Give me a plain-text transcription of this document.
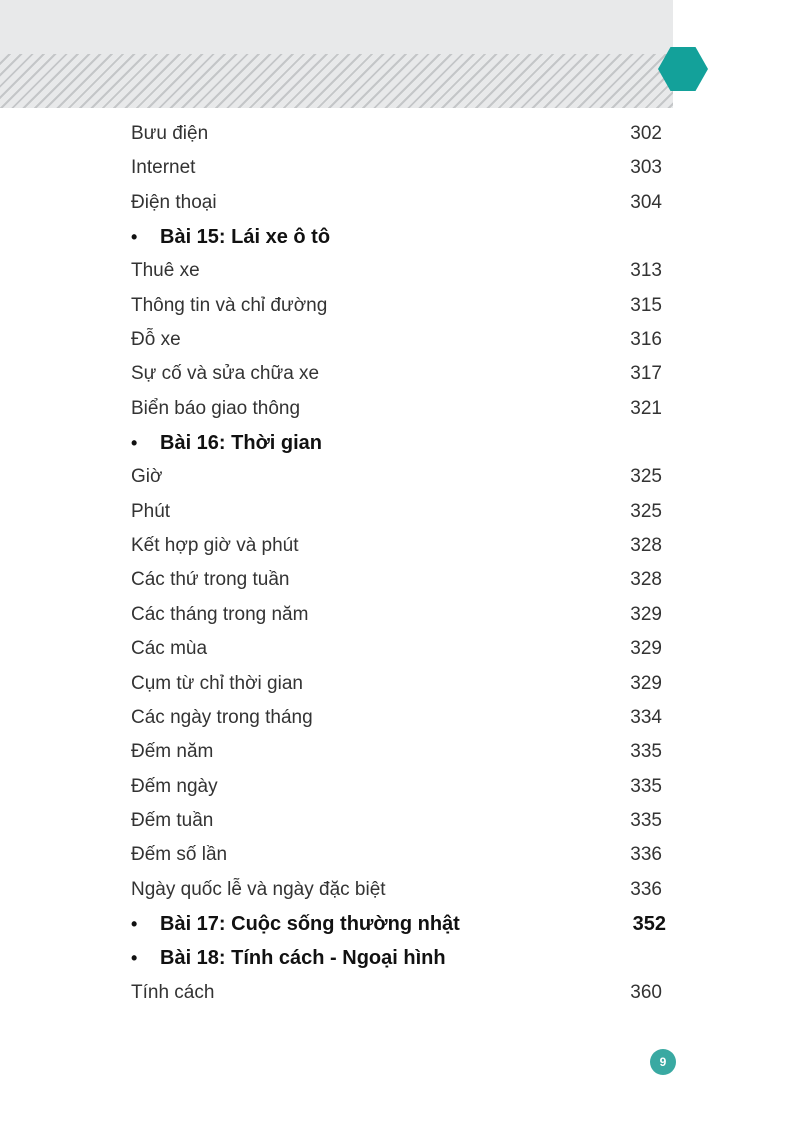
Bưu điện	302
Internet	303
Điện thoại	304
• Bài 15: Lái xe ô tô
Thuê xe	313
Thông tin và chỉ đường	315
Đỗ xe	316
Sự cố và sửa chữa xe	317
Biển báo giao thông	321
• Bài 16: Thời gian
Giờ	325
Phút	325
Kết hợp giờ và phút	328
Các thứ trong tuần	328
Các tháng trong năm	329
Các mùa	329
Cụm từ chỉ thời gian	329
Các ngày trong tháng	334
Đếm năm	335
Đếm ngày	335
Đếm tuần	335
Đếm số lần	336
Ngày quốc lễ và ngày đặc biệt	336
• Bài 17: Cuộc sống thường nhật	352
• Bài 18: Tính cách - Ngoại hình
Tính cách	360
9
